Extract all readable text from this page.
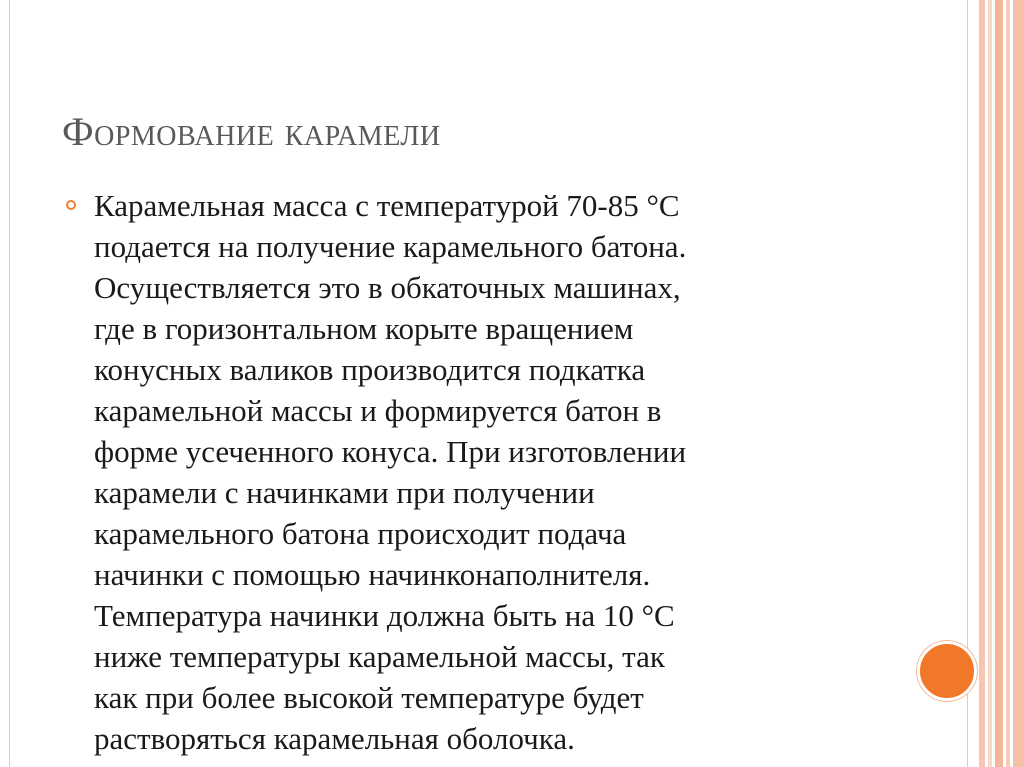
Формование карамели

Карамельная масса с температурой 70-85 °С
подается на получение карамельного батона.
Осуществляется это в обкаточных машинах,
где в горизонтальном корыте вращением
конусных валиков производится подкатка
карамельной массы и формируется батон в
форме усеченного конуса. При изготовлении
карамели с начинками при получении
карамельного батона происходит подача
начинки с помощью начинконаполнителя.
Температура начинки должна быть на 10 °С
ниже температуры карамельной массы, так
как при более высокой температуре будет
растворяться карамельная оболочка.
